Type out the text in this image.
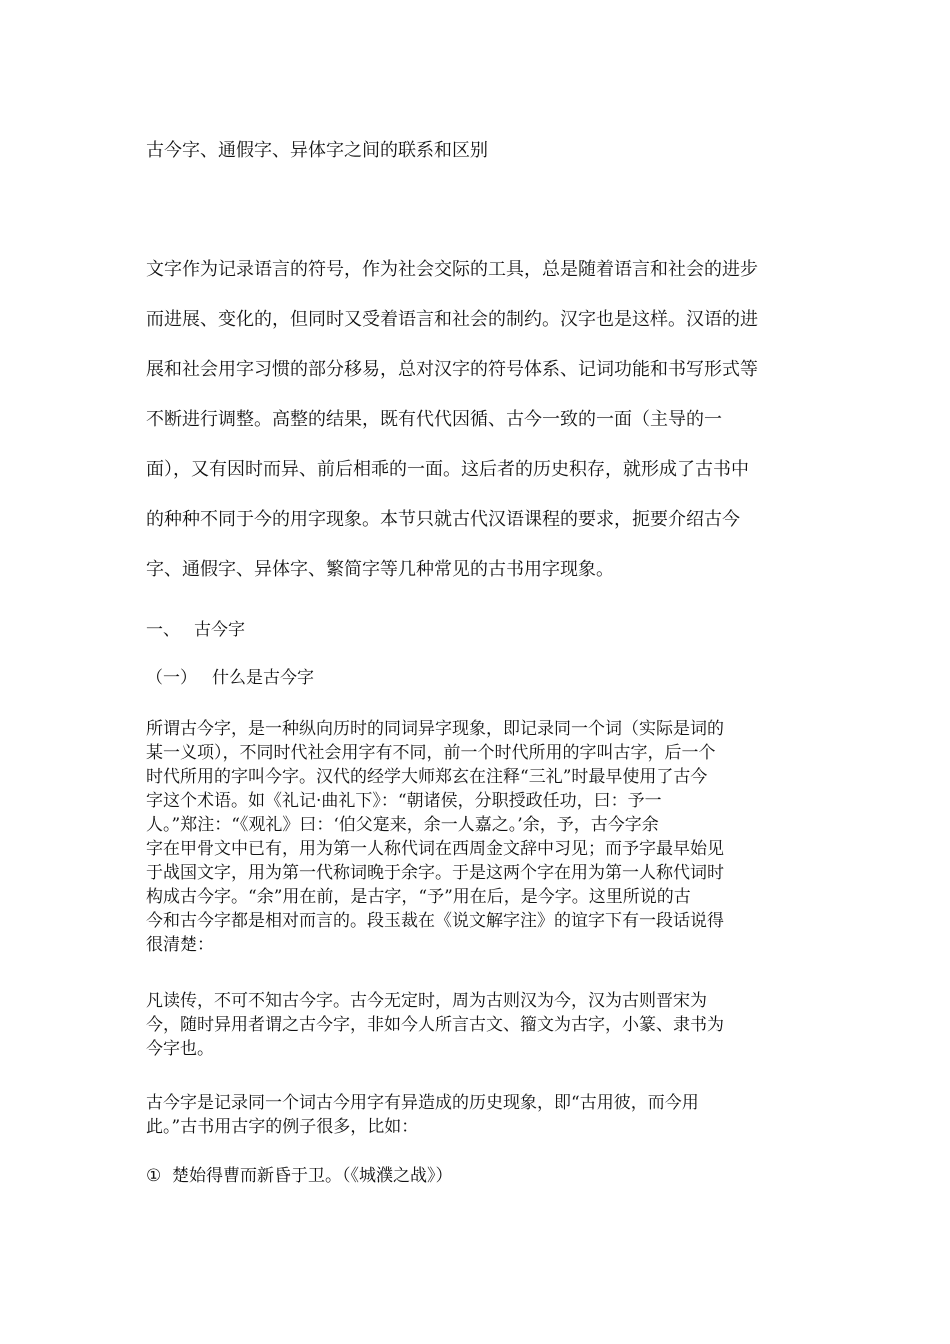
古今字、通假字、异体字之间的联系和区别
文字作为记录语言的符号，作为社会交际的工具，总是随着语言和社会的进步
而进展、变化的，但同时又受着语言和社会的制约。汉字也是这样。汉语的进
展和社会用字习惯的部分移易，总对汉字的符号体系、记词功能和书写形式等
不断进行调整。高整的结果，既有代代因循、古今一致的一面（主导的一
面），又有因时而异、前后相乖的一面。这后者的历史积存，就形成了古书中
的种种不同于今的用字现象。本节只就古代汉语课程的要求，扼要介绍古今
字、通假字、异体字、繁简字等几种常见的古书用字现象。
一、 古今字
（一） 什么是古今字
所谓古今字，是一种纵向历时的同词异字现象，即记录同一个词（实际是词的
某一义项），不同时代社会用字有不同，前一个时代所用的字叫古字，后一个
时代所用的字叫今字。汉代的经学大师郑玄在注释“三礼”时最早使用了古今
字这个术语。如《礼记·曲礼下》：“朝诸侯，分职授政任功，曰：予一
人。”郑注：“《观礼》曰：‘伯父寔来，余一人嘉之。’余，予，古今字余
字在甲骨文中已有，用为第一人称代词在西周金文辞中习见；而予字最早始见
于战国文字，用为第一代称词晚于余字。于是这两个字在用为第一人称代词时
构成古今字。“余”用在前，是古字，“予”用在后，是今字。这里所说的古
今和古今字都是相对而言的。段玉裁在《说文解字注》的谊字下有一段话说得
很清楚：
凡读传，不可不知古今字。古今无定时，周为古则汉为今，汉为古则晋宋为
今，随时异用者谓之古今字，非如今人所言古文、籀文为古字，小篆、隶书为
今字也。
古今字是记录同一个词古今用字有异造成的历史现象，即“古用彼，而今用
此。”古书用古字的例子很多，比如：
① 楚始得曹而新昏于卫。（《城濮之战》）
